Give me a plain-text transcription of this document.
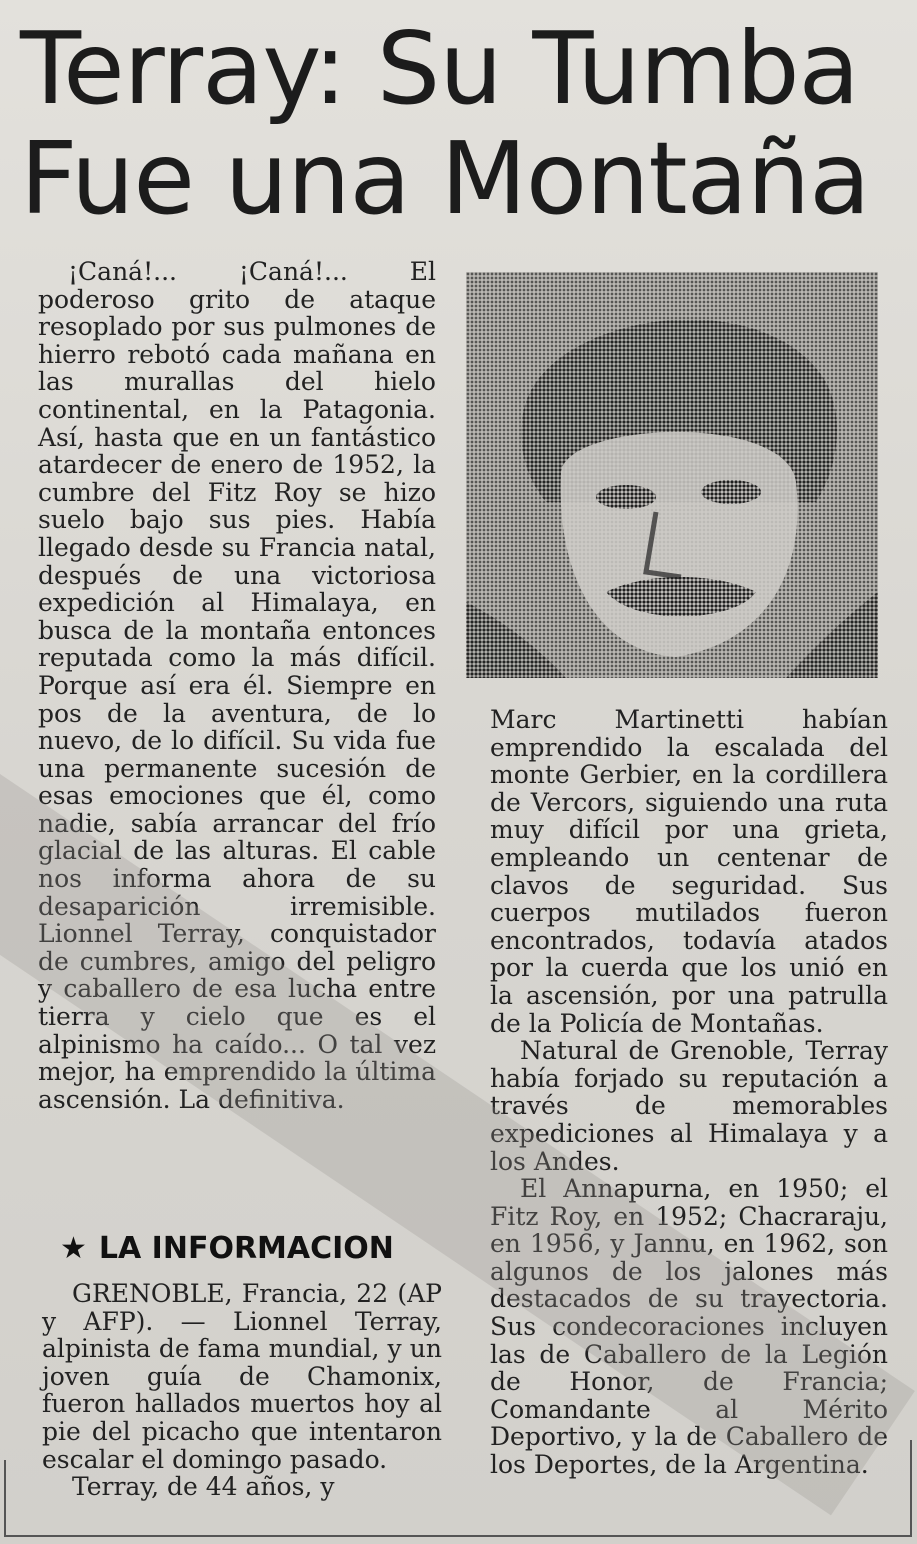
Terray: Su Tumba Fue una Montaña

¡Caná!... ¡Caná!... El poderoso grito de ataque resoplado por sus pulmones de hierro rebotó cada mañana en las murallas del hielo continental, en la Patagonia. Así, hasta que en un fantástico atardecer de enero de 1952, la cumbre del Fitz Roy se hizo suelo bajo sus pies. Había llegado desde su Francia natal, después de una victoriosa expedición al Himalaya, en busca de la montaña entonces reputada como la más difícil. Porque así era él. Siempre en pos de la aventura, de lo nuevo, de lo difícil. Su vida fue una permanente sucesión de esas emociones que él, como nadie, sabía arrancar del frío glacial de las alturas. El cable nos informa ahora de su desaparición irremisible. Lionnel Terray, conquistador de cumbres, amigo del peligro y caballero de esa lucha entre tierra y cielo que es el alpinismo ha caído... O tal vez mejor, ha emprendido la última ascensión. La definitiva.

Marc Martinetti habían emprendido la escalada del monte Gerbier, en la cordillera de Vercors, siguiendo una ruta muy difícil por una grieta, empleando un centenar de clavos de seguridad. Sus cuerpos mutilados fueron encontrados, todavía atados por la cuerda que los unió en la ascensión, por una patrulla de la Policía de Montañas.

Natural de Grenoble, Terray había forjado su reputación a través de memorables expediciones al Himalaya y a los Andes.

El Annapurna, en 1950; el Fitz Roy, en 1952; Chacraraju, en 1956, y Jannu, en 1962, son algunos de los jalones más destacados de su trayectoria. Sus condecoraciones incluyen las de Caballero de la Legión de Honor, de Francia; Comandante al Mérito Deportivo, y la de Caballero de los Deportes, de la Argentina.

★ LA INFORMACION

GRENOBLE, Francia, 22 (AP y AFP). — Lionnel Terray, alpinista de fama mundial, y un joven guía de Chamonix, fueron hallados muertos hoy al pie del picacho que intentaron escalar el domingo pasado.

Terray, de 44 años, y
